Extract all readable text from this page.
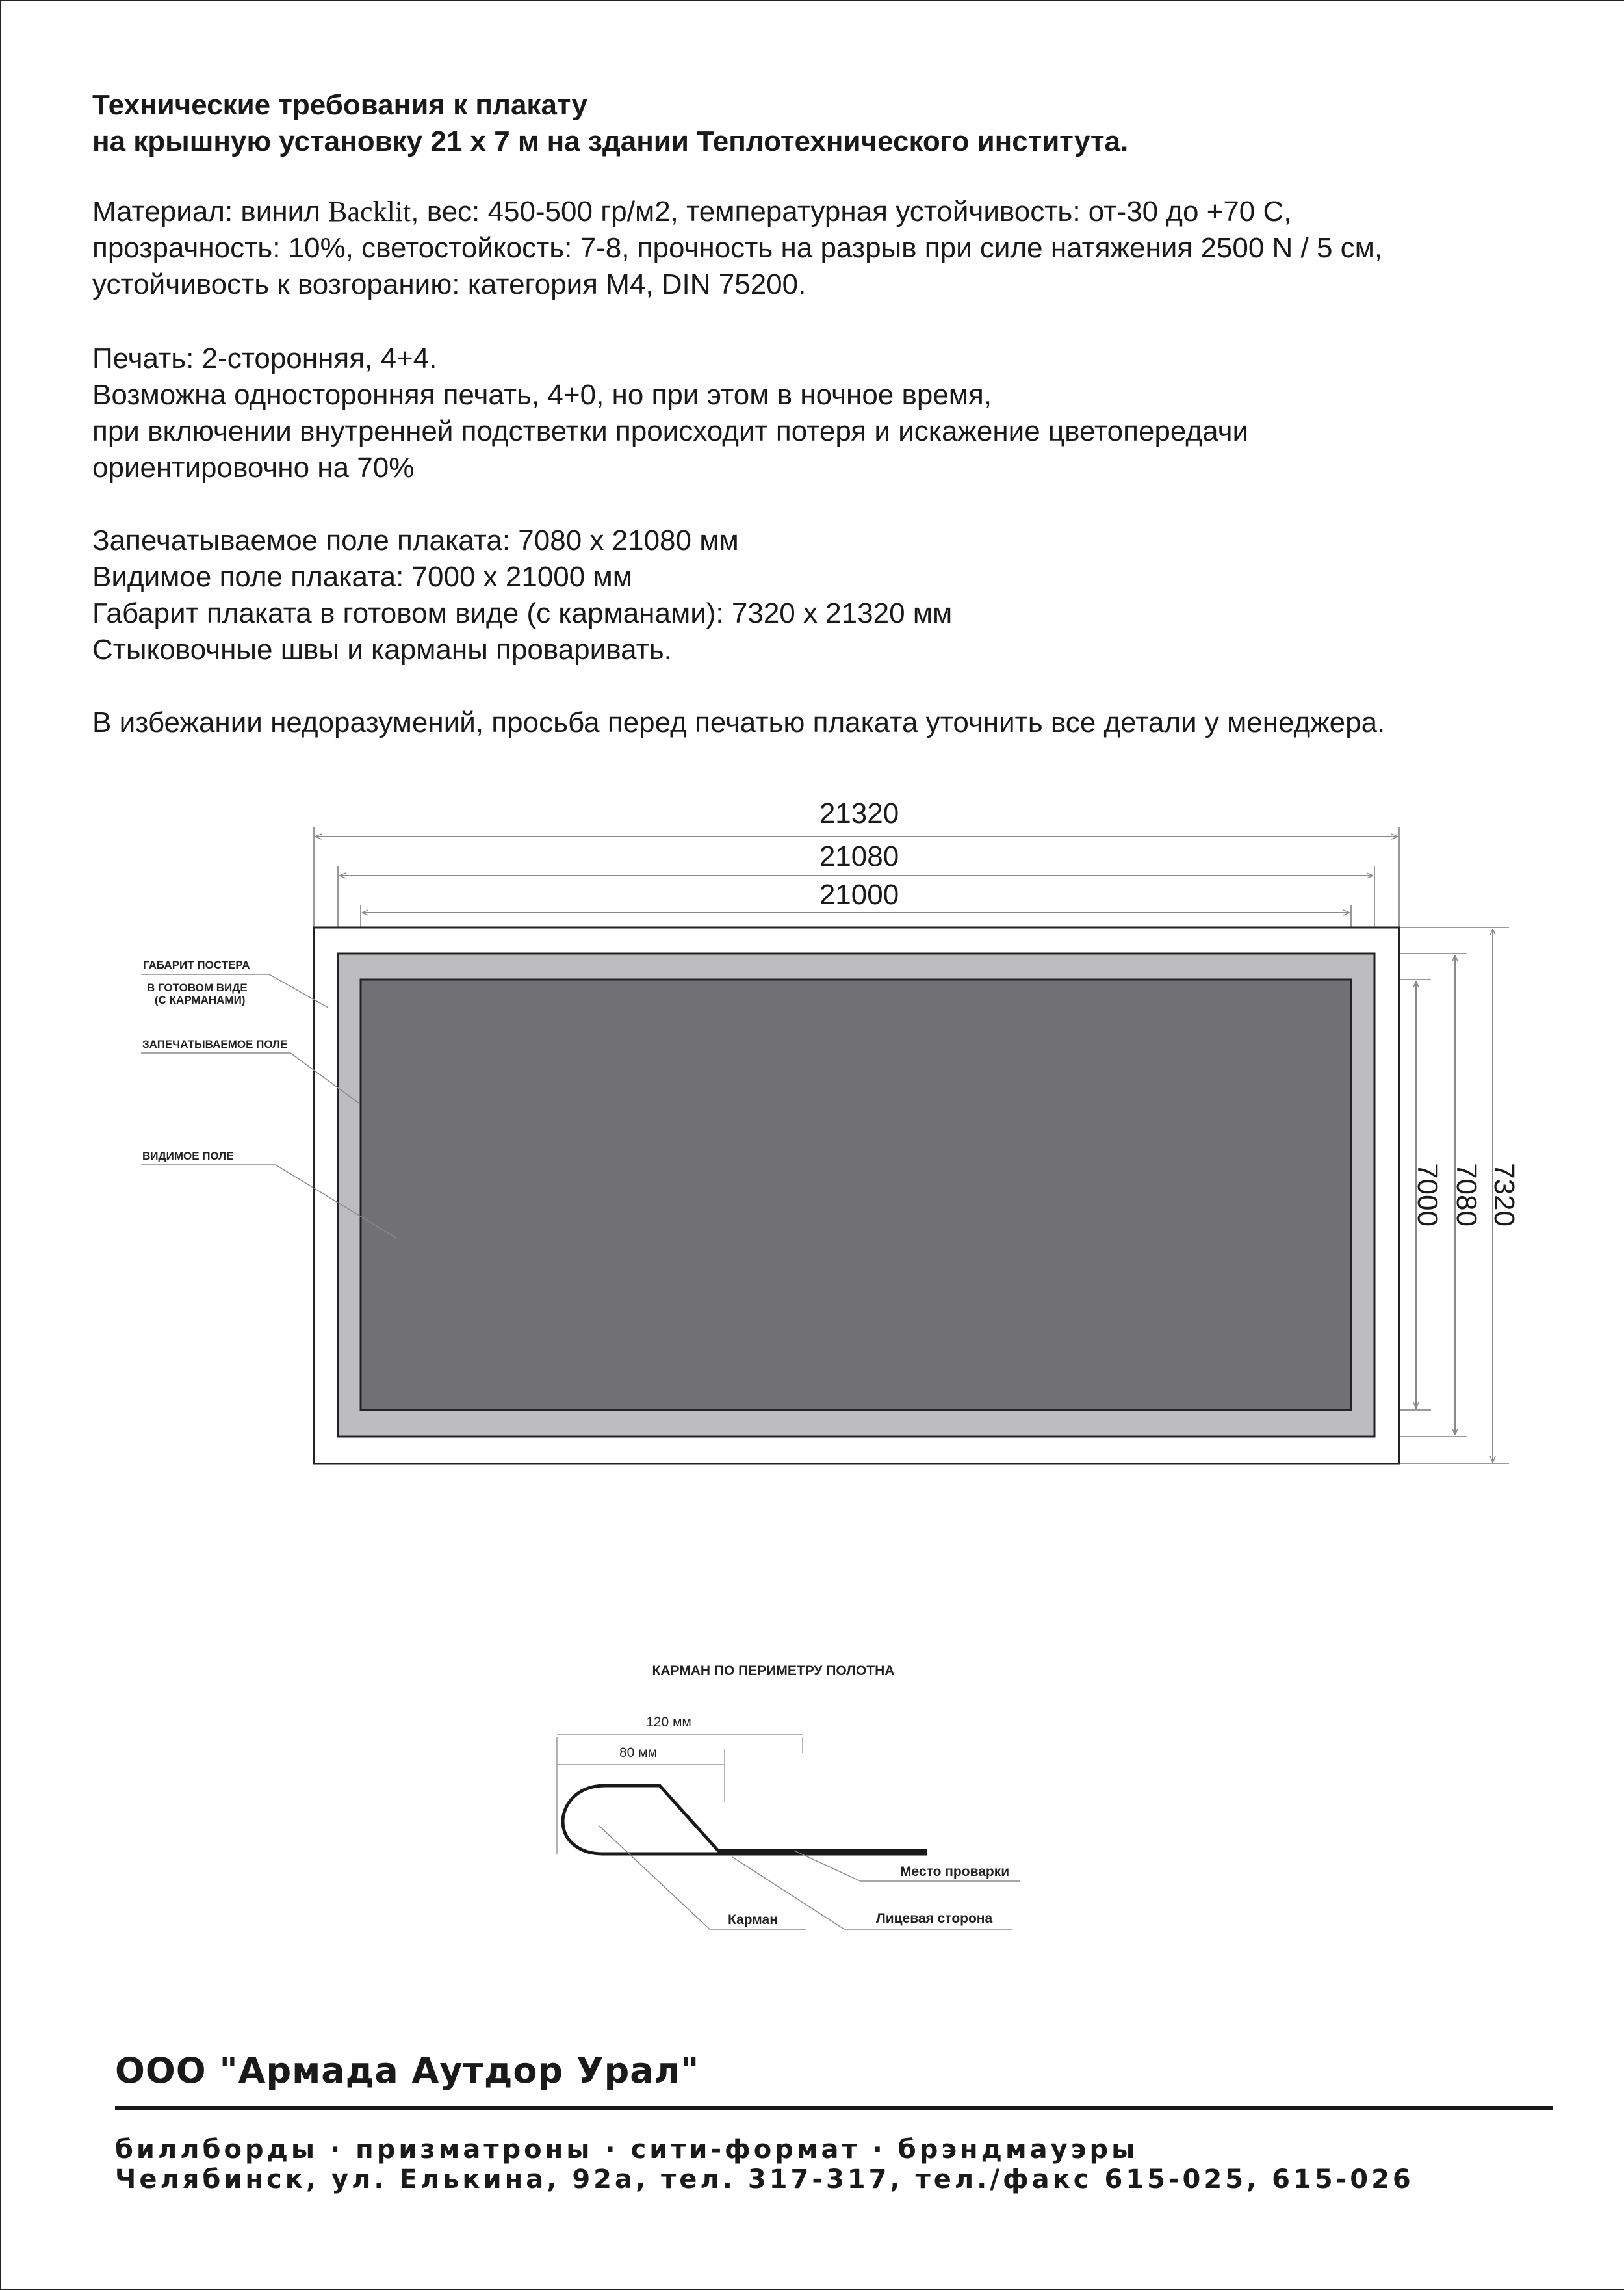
Технические требования к плакату
на крышную установку 21 х 7 м на здании Теплотехнического института.
Материал: винил Backlit, вес: 450-500 гр/м2, температурная устойчивость: от-30 до +70 С,
прозрачность: 10%, светостойкость: 7-8, прочность на разрыв при силе натяжения 2500 N / 5 см,
устойчивость к возгоранию: категория М4, DIN 75200.
Печать: 2-сторонняя, 4+4.
Возможна односторонняя печать, 4+0, но при этом в ночное время,
при включении внутренней подстветки происходит потеря и искажение цветопередачи
ориентировочно на 70%
Запечатываемое поле плаката: 7080 х 21080 мм
Видимое поле плаката: 7000 х 21000 мм
Габарит плаката в готовом виде (с карманами): 7320 х 21320 мм
Стыковочные швы и карманы проваривать.
В избежании недоразумений, просьба перед печатью плаката уточнить все детали у менеджера.
21320
21080
21000
7000 7080 7320
ГАБАРИТ ПОСТЕРА
В ГОТОВОМ ВИДЕ
(С КАРМАНАМИ)
ЗАПЕЧАТЫВАЕМОЕ ПОЛЕ
ВИДИМОЕ ПОЛЕ
КАРМАН ПО ПЕРИМЕТРУ ПОЛОТНА
120 мм
80 мм
Место проварки
Лицевая сторона
Карман
ООО "Армада Аутдор Урал"
биллборды · призматроны · сити-формат · брэндмауэры
Челябинск, ул. Елькина, 92а, тел. 317-317, тел./факс 615-025, 615-026
